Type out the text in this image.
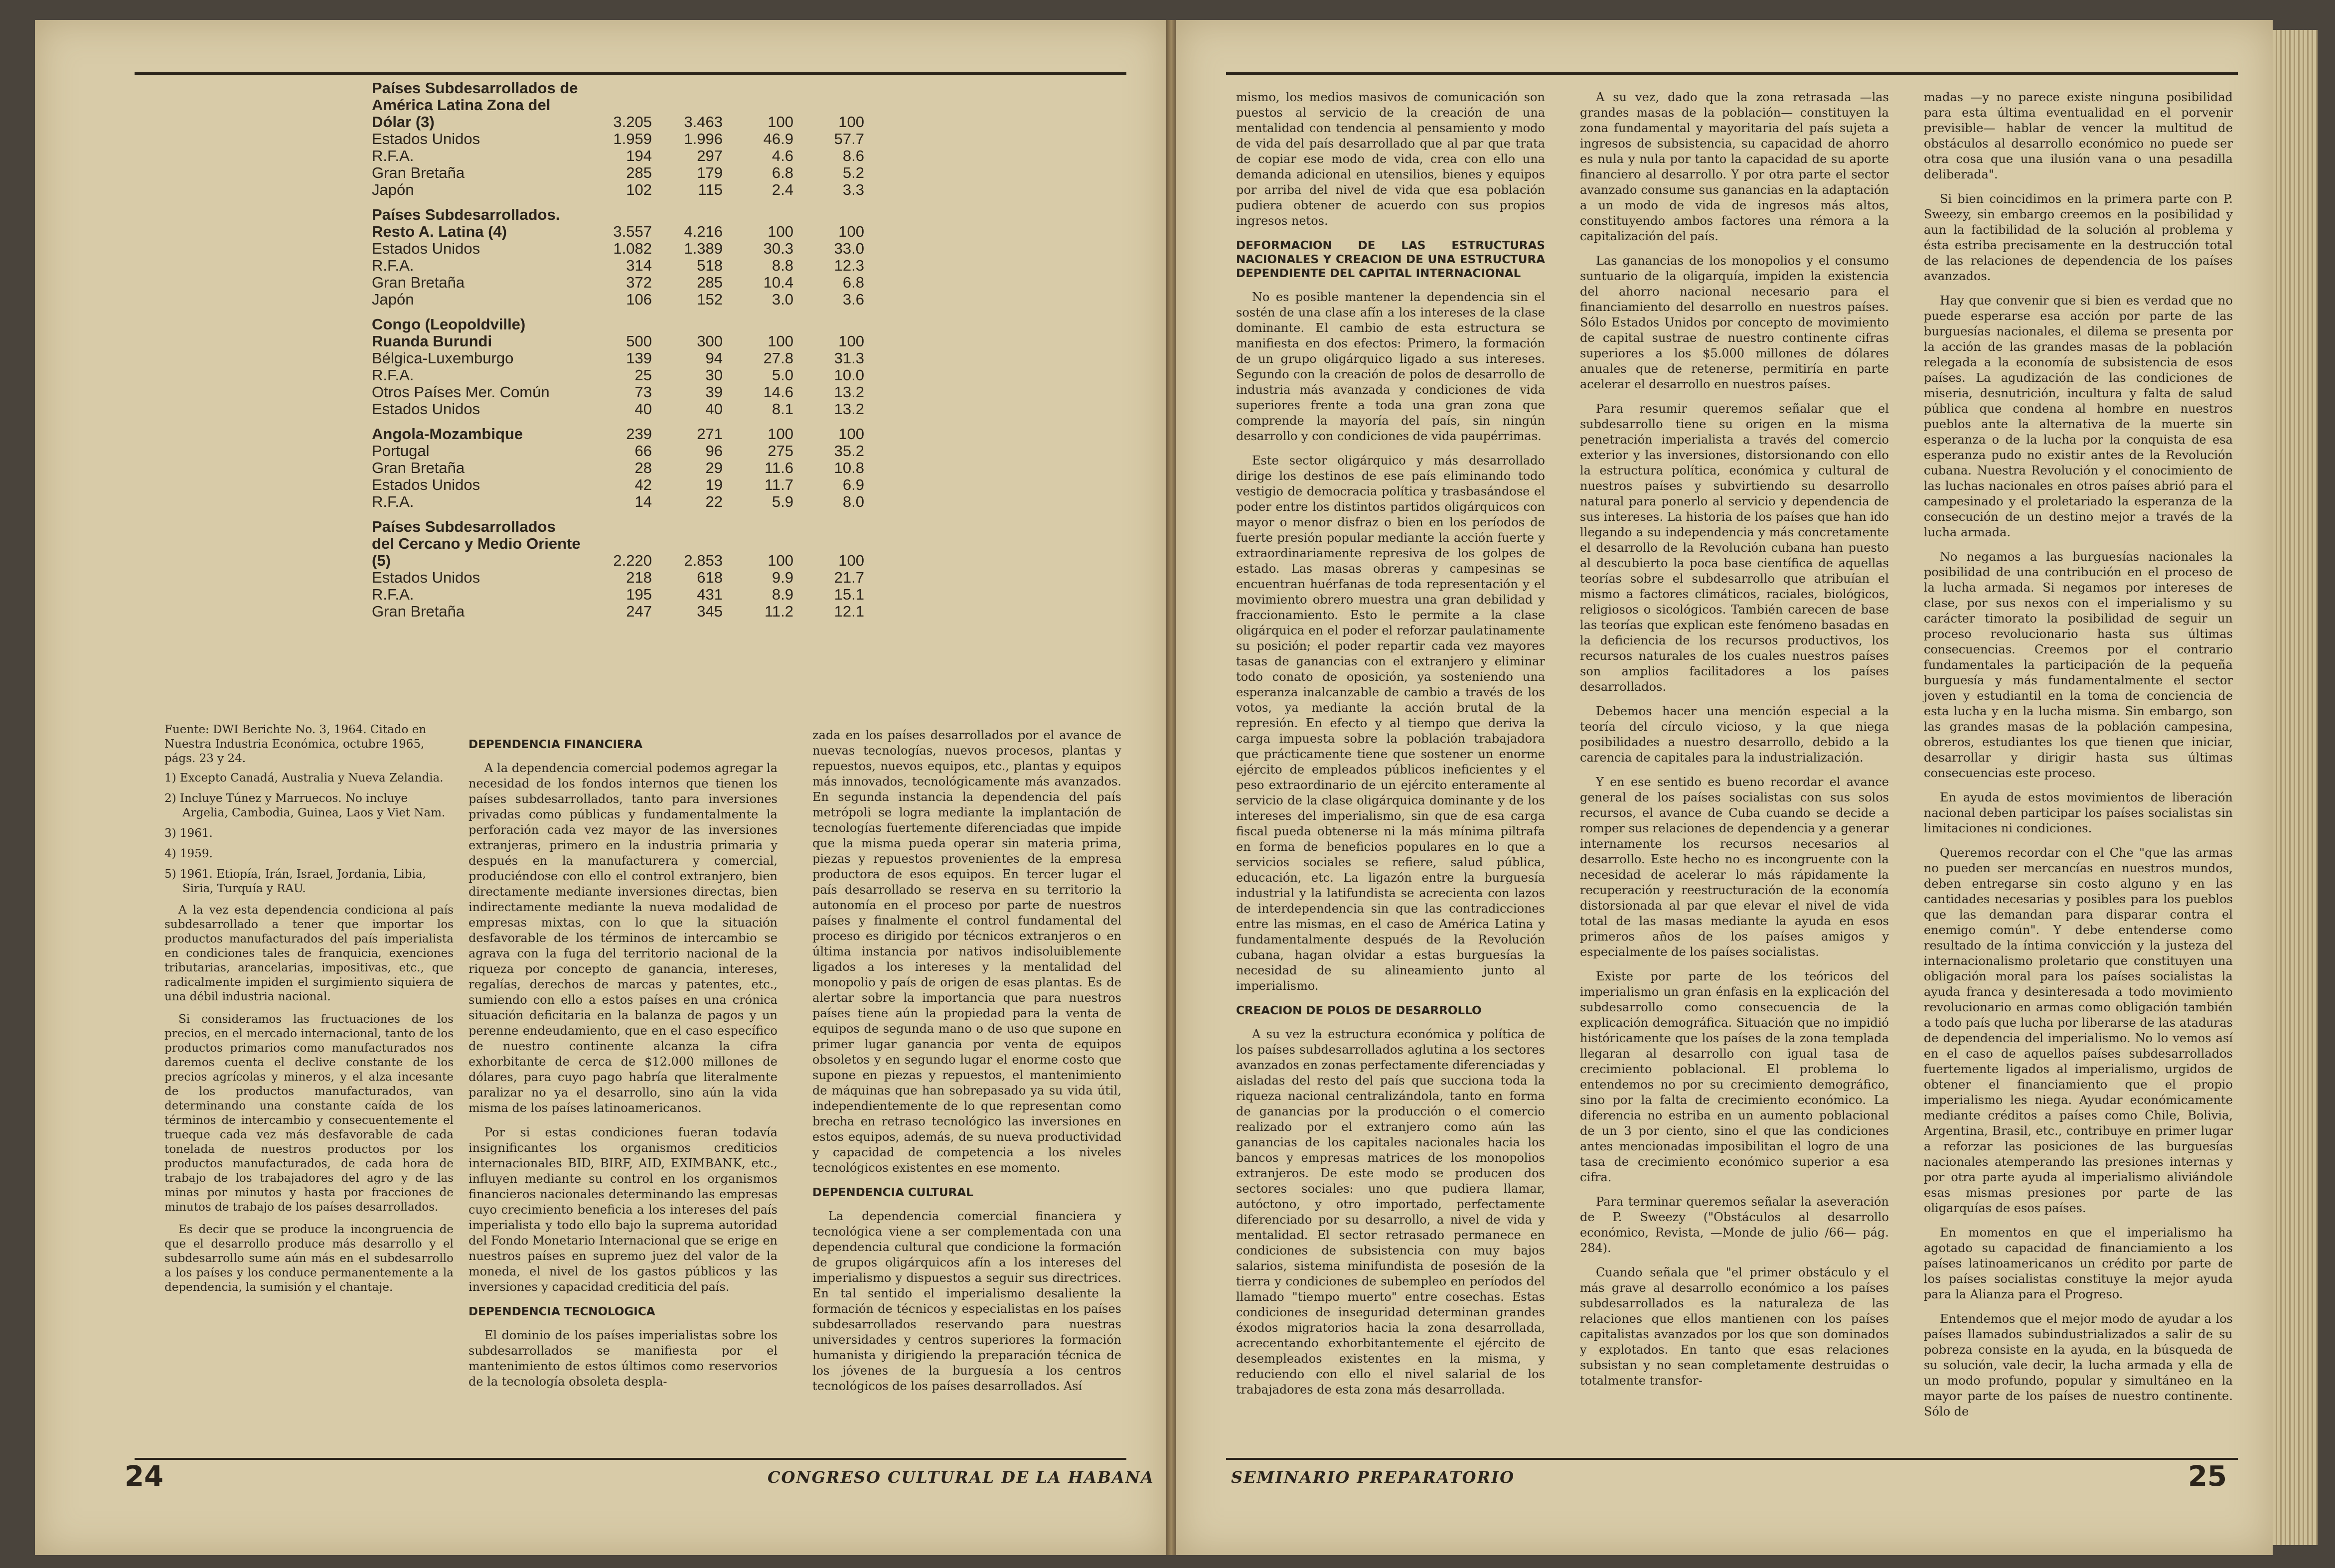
Países Subdesarrollados de América Latina Zona del Dólar (3)	3.205	3.463	100	100
Estados Unidos	1.959	1.996	46.9	57.7
R.F.A.	194	297	4.6	8.6
Gran Bretaña	285	179	6.8	5.2
Japón	102	115	2.4	3.3

Países Subdesarrollados. Resto A. Latina (4)	3.557	4.216	100	100
Estados Unidos	1.082	1.389	30.3	33.0
R.F.A.	314	518	8.8	12.3
Gran Bretaña	372	285	10.4	6.8
Japón	106	152	3.0	3.6

Congo (Leopoldville) Ruanda Burundi	500	300	100	100
Bélgica-Luxemburgo	139	94	27.8	31.3
R.F.A.	25	30	5.0	10.0
Otros Países Mer. Común	73	39	14.6	13.2
Estados Unidos	40	40	8.1	13.2

Angola-Mozambique	239	271	100	100
Portugal	66	96	275	35.2
Gran Bretaña	28	29	11.6	10.8
Estados Unidos	42	19	11.7	6.9
R.F.A.	14	22	5.9	8.0

Países Subdesarrollados del Cercano y Medio Oriente (5)	2.220	2.853	100	100
Estados Unidos	218	618	9.9	21.7
R.F.A.	195	431	8.9	15.1
Gran Bretaña	247	345	11.2	12.1

Fuente: DWI Berichte No. 3, 1964. Citado en Nuestra Industria Económica, octubre 1965, págs. 23 y 24.

1) Excepto Canadá, Australia y Nueva Zelandia.
2) Incluye Túnez y Marruecos. No incluye Argelia, Cambodia, Guinea, Laos y Viet Nam.
3) 1961.
4) 1959.
5) 1961. Etiopía, Irán, Israel, Jordania, Libia, Siria, Turquía y RAU.

A la vez esta dependencia condiciona al país subdesarrollado a tener que importar los productos manufacturados del país imperialista en condiciones tales de franquicia, exenciones tributarias, arancelarias, impositivas, etc., que radicalmente impiden el surgimiento siquiera de una débil industria nacional.

Si consideramos las fructuaciones de los precios, en el mercado internacional, tanto de los productos primarios como manufacturados nos daremos cuenta el declive constante de los precios agrícolas y mineros, y el alza incesante de los productos manufacturados, van determinando una constante caída de los términos de intercambio y consecuentemente el trueque cada vez más desfavorable de cada tonelada de nuestros productos por los productos manufacturados, de cada hora de trabajo de los trabajadores del agro y de las minas por minutos y hasta por fracciones de minutos de trabajo de los países desarrollados.

Es decir que se produce la incongruencia de que el desarrollo produce más desarrollo y el subdesarrollo sume aún más en el subdesarrollo a los países y los conduce permanentemente a la dependencia, la sumisión y el chantaje.

DEPENDENCIA FINANCIERA

A la dependencia comercial podemos agregar la necesidad de los fondos internos que tienen los países subdesarrollados, tanto para inversiones privadas como públicas y fundamentalmente la perforación cada vez mayor de las inversiones extranjeras, primero en la industria primaria y después en la manufacturera y comercial, produciéndose con ello el control extranjero, bien directamente mediante inversiones directas, bien indirectamente mediante la nueva modalidad de empresas mixtas, con lo que la situación desfavorable de los términos de intercambio se agrava con la fuga del territorio nacional de la riqueza por concepto de ganancia, intereses, regalías, derechos de marcas y patentes, etc., sumiendo con ello a estos países en una crónica situación deficitaria en la balanza de pagos y un perenne endeudamiento, que en el caso específico de nuestro continente alcanza la cifra exhorbitante de cerca de $12.000 millones de dólares, para cuyo pago habría que literalmente paralizar no ya el desarrollo, sino aún la vida misma de los países latinoamericanos.

Por si estas condiciones fueran todavía insignificantes los organismos crediticios internacionales BID, BIRF, AID, EXIMBANK, etc., influyen mediante su control en los organismos financieros nacionales determinando las empresas cuyo crecimiento beneficia a los intereses del país imperialista y todo ello bajo la suprema autoridad del Fondo Monetario Internacional que se erige en nuestros países en supremo juez del valor de la moneda, el nivel de los gastos públicos y las inversiones y capacidad crediticia del país.

DEPENDENCIA TECNOLOGICA

El dominio de los países imperialistas sobre los subdesarrollados se manifiesta por el mantenimiento de estos últimos como reservorios de la tecnología obsoleta despla-

zada en los países desarrollados por el avance de nuevas tecnologías, nuevos procesos, plantas y repuestos, nuevos equipos, etc., plantas y equipos más innovados, tecnológicamente más avanzados. En segunda instancia la dependencia del país metrópoli se logra mediante la implantación de tecnologías fuertemente diferenciadas que impide que la misma pueda operar sin materia prima, piezas y repuestos provenientes de la empresa productora de esos equipos. En tercer lugar el país desarrollado se reserva en su territorio la autonomía en el proceso por parte de nuestros países y finalmente el control fundamental del proceso es dirigido por técnicos extranjeros o en última instancia por nativos indisoluiblemente ligados a los intereses y la mentalidad del monopolio y país de origen de esas plantas. Es de alertar sobre la importancia que para nuestros países tiene aún la propiedad para la venta de equipos de segunda mano o de uso que supone en primer lugar ganancia por venta de equipos obsoletos y en segundo lugar el enorme costo que supone en piezas y repuestos, el mantenimiento de máquinas que han sobrepasado ya su vida útil, independientemente de lo que representan como brecha en retraso tecnológico las inversiones en estos equipos, además, de su nueva productividad y capacidad de competencia a los niveles tecnológicos existentes en ese momento.

DEPENDENCIA CULTURAL

La dependencia comercial financiera y tecnológica viene a ser complementada con una dependencia cultural que condicione la formación de grupos oligárquicos afín a los intereses del imperialismo y dispuestos a seguir sus directrices. En tal sentido el imperialismo desaliente la formación de técnicos y especialistas en los países subdesarrollados reservando para nuestras universidades y centros superiores la formación humanista y dirigiendo la preparación técnica de los jóvenes de la burguesía a los centros tecnológicos de los países desarrollados. Así

24	CONGRESO CULTURAL DE LA HABANA

mismo, los medios masivos de comunicación son puestos al servicio de la creación de una mentalidad con tendencia al pensamiento y modo de vida del país desarrollado que al par que trata de copiar ese modo de vida, crea con ello una demanda adicional en utensilios, bienes y equipos por arriba del nivel de vida que esa población pudiera obtener de acuerdo con sus propios ingresos netos.

DEFORMACION DE LAS ESTRUCTURAS NACIONALES Y CREACION DE UNA ESTRUCTURA DEPENDIENTE DEL CAPITAL INTERNACIONAL

No es posible mantener la dependencia sin el sostén de una clase afín a los intereses de la clase dominante. El cambio de esta estructura se manifiesta en dos efectos: Primero, la formación de un grupo oligárquico ligado a sus intereses. Segundo con la creación de polos de desarrollo de industria más avanzada y condiciones de vida superiores frente a toda una gran zona que comprende la mayoría del país, sin ningún desarrollo y con condiciones de vida paupérrimas.

Este sector oligárquico y más desarrollado dirige los destinos de ese país eliminando todo vestigio de democracia política y trasbasándose el poder entre los distintos partidos oligárquicos con mayor o menor disfraz o bien en los períodos de fuerte presión popular mediante la acción fuerte y extraordinariamente represiva de los golpes de estado. Las masas obreras y campesinas se encuentran huérfanas de toda representación y el movimiento obrero muestra una gran debilidad y fraccionamiento. Esto le permite a la clase oligárquica en el poder el reforzar paulatinamente su posición; el poder repartir cada vez mayores tasas de ganancias con el extranjero y eliminar todo conato de oposición, ya sosteniendo una esperanza inalcanzable de cambio a través de los votos, ya mediante la acción brutal de la represión. En efecto y al tiempo que deriva la carga impuesta sobre la población trabajadora que prácticamente tiene que sostener un enorme ejército de empleados públicos ineficientes y el peso extraordinario de un ejército enteramente al servicio de la clase oligárquica dominante y de los intereses del imperialismo, sin que de esa carga fiscal pueda obtenerse ni la más mínima piltrafa en forma de beneficios populares en lo que a servicios sociales se refiere, salud pública, educación, etc. La ligazón entre la burguesía industrial y la latifundista se acrecienta con lazos de interdependencia sin que las contradicciones entre las mismas, en el caso de América Latina y fundamentalmente después de la Revolución cubana, hagan olvidar a estas burguesías la necesidad de su alineamiento junto al imperialismo.

CREACION DE POLOS DE DESARROLLO

A su vez la estructura económica y política de los países subdesarrollados aglutina a los sectores avanzados en zonas perfectamente diferenciadas y aisladas del resto del país que succiona toda la riqueza nacional centralizándola, tanto en forma de ganancias por la producción o el comercio realizado por el extranjero como aún las ganancias de los capitales nacionales hacia los bancos y empresas matrices de los monopolios extranjeros. De este modo se producen dos sectores sociales: uno que pudiera llamar, autóctono, y otro importado, perfectamente diferenciado por su desarrollo, a nivel de vida y mentalidad. El sector retrasado permanece en condiciones de subsistencia con muy bajos salarios, sistema minifundista de posesión de la tierra y condiciones de subempleo en períodos del llamado "tiempo muerto" entre cosechas. Estas condiciones de inseguridad determinan grandes éxodos migratorios hacia la zona desarrollada, acrecentando exhorbitantemente el ejército de desempleados existentes en la misma, y reduciendo con ello el nivel salarial de los trabajadores de esta zona más desarrollada.

A su vez, dado que la zona retrasada —las grandes masas de la población— constituyen la zona fundamental y mayoritaria del país sujeta a ingresos de subsistencia, su capacidad de ahorro es nula y nula por tanto la capacidad de su aporte financiero al desarrollo. Y por otra parte el sector avanzado consume sus ganancias en la adaptación a un modo de vida de ingresos más altos, constituyendo ambos factores una rémora a la capitalización del país.

Las ganancias de los monopolios y el consumo suntuario de la oligarquía, impiden la existencia del ahorro nacional necesario para el financiamiento del desarrollo en nuestros países. Sólo Estados Unidos por concepto de movimiento de capital sustrae de nuestro continente cifras superiores a los $5.000 millones de dólares anuales que de retenerse, permitiría en parte acelerar el desarrollo en nuestros países.

Para resumir queremos señalar que el subdesarrollo tiene su origen en la misma penetración imperialista a través del comercio exterior y las inversiones, distorsionando con ello la estructura política, económica y cultural de nuestros países y subvirtiendo su desarrollo natural para ponerlo al servicio y dependencia de sus intereses. La historia de los países que han ido llegando a su independencia y más concretamente el desarrollo de la Revolución cubana han puesto al descubierto la poca base científica de aquellas teorías sobre el subdesarrollo que atribuían el mismo a factores climáticos, raciales, biológicos, religiosos o sicológicos. También carecen de base las teorías que explican este fenómeno basadas en la deficiencia de los recursos productivos, los recursos naturales de los cuales nuestros países son amplios facilitadores a los países desarrollados.

Debemos hacer una mención especial a la teoría del círculo vicioso, y la que niega posibilidades a nuestro desarrollo, debido a la carencia de capitales para la industrialización.

Y en ese sentido es bueno recordar el avance general de los países socialistas con sus solos recursos, el avance de Cuba cuando se decide a romper sus relaciones de dependencia y a generar internamente los recursos necesarios al desarrollo. Este hecho no es incongruente con la necesidad de acelerar lo más rápidamente la recuperación y reestructuración de la economía distorsionada al par que elevar el nivel de vida total de las masas mediante la ayuda en esos primeros años de los países amigos y especialmente de los países socialistas.

Existe por parte de los teóricos del imperialismo un gran énfasis en la explicación del subdesarrollo como consecuencia de la explicación demográfica. Situación que no impidió históricamente que los países de la zona templada llegaran al desarrollo con igual tasa de crecimiento poblacional. El problema lo entendemos no por su crecimiento demográfico, sino por la falta de crecimiento económico. La diferencia no estriba en un aumento poblacional de un 3 por ciento, sino el que las condiciones antes mencionadas imposibilitan el logro de una tasa de crecimiento económico superior a esa cifra.

Para terminar queremos señalar la aseveración de P. Sweezy ("Obstáculos al desarrollo económico, Revista, —Monde de julio /66— pág. 284).

Cuando señala que "el primer obstáculo y el más grave al desarrollo económico a los países subdesarrollados es la naturaleza de las relaciones que ellos mantienen con los países capitalistas avanzados por los que son dominados y explotados. En tanto que esas relaciones subsistan y no sean completamente destruidas o totalmente transfor-

madas —y no parece existe ninguna posibilidad para esta última eventualidad en el porvenir previsible— hablar de vencer la multitud de obstáculos al desarrollo económico no puede ser otra cosa que una ilusión vana o una pesadilla deliberada".

Si bien coincidimos en la primera parte con P. Sweezy, sin embargo creemos en la posibilidad y aun la factibilidad de la solución al problema y ésta estriba precisamente en la destrucción total de las relaciones de dependencia de los países avanzados.

Hay que convenir que si bien es verdad que no puede esperarse esa acción por parte de las burguesías nacionales, el dilema se presenta por la acción de las grandes masas de la población relegada a la economía de subsistencia de esos países. La agudización de las condiciones de miseria, desnutrición, incultura y falta de salud pública que condena al hombre en nuestros pueblos ante la alternativa de la muerte sin esperanza o de la lucha por la conquista de esa esperanza pudo no existir antes de la Revolución cubana. Nuestra Revolución y el conocimiento de las luchas nacionales en otros países abrió para el campesinado y el proletariado la esperanza de la consecución de un destino mejor a través de la lucha armada.

No negamos a las burguesías nacionales la posibilidad de una contribución en el proceso de la lucha armada. Si negamos por intereses de clase, por sus nexos con el imperialismo y su carácter timorato la posibilidad de seguir un proceso revolucionario hasta sus últimas consecuencias. Creemos por el contrario fundamentales la participación de la pequeña burguesía y más fundamentalmente el sector joven y estudiantil en la toma de conciencia de esta lucha y en la lucha misma. Sin embargo, son las grandes masas de la población campesina, obreros, estudiantes los que tienen que iniciar, desarrollar y dirigir hasta sus últimas consecuencias este proceso.

En ayuda de estos movimientos de liberación nacional deben participar los países socialistas sin limitaciones ni condiciones.

Queremos recordar con el Che "que las armas no pueden ser mercancías en nuestros mundos, deben entregarse sin costo alguno y en las cantidades necesarias y posibles para los pueblos que las demandan para disparar contra el enemigo común". Y debe entenderse como resultado de la íntima convicción y la justeza del internacionalismo proletario que constituyen una obligación moral para los países socialistas la ayuda franca y desinteresada a todo movimiento revolucionario en armas como obligación también a todo país que lucha por liberarse de las ataduras de dependencia del imperialismo. No lo vemos así en el caso de aquellos países subdesarrollados fuertemente ligados al imperialismo, urgidos de obtener el financiamiento que el propio imperialismo les niega. Ayudar económicamente mediante créditos a países como Chile, Bolivia, Argentina, Brasil, etc., contribuye en primer lugar a reforzar las posiciones de las burguesías nacionales atemperando las presiones internas y por otra parte ayuda al imperialismo aliviándole esas mismas presiones por parte de las oligarquías de esos países.

En momentos en que el imperialismo ha agotado su capacidad de financiamiento a los países latinoamericanos un crédito por parte de los países socialistas constituye la mejor ayuda para la Alianza para el Progreso.

Entendemos que el mejor modo de ayudar a los países llamados subindustrializados a salir de su pobreza consiste en la ayuda, en la búsqueda de su solución, vale decir, la lucha armada y ella de un modo profundo, popular y simultáneo en la mayor parte de los países de nuestro continente. Sólo de

SEMINARIO PREPARATORIO	25
